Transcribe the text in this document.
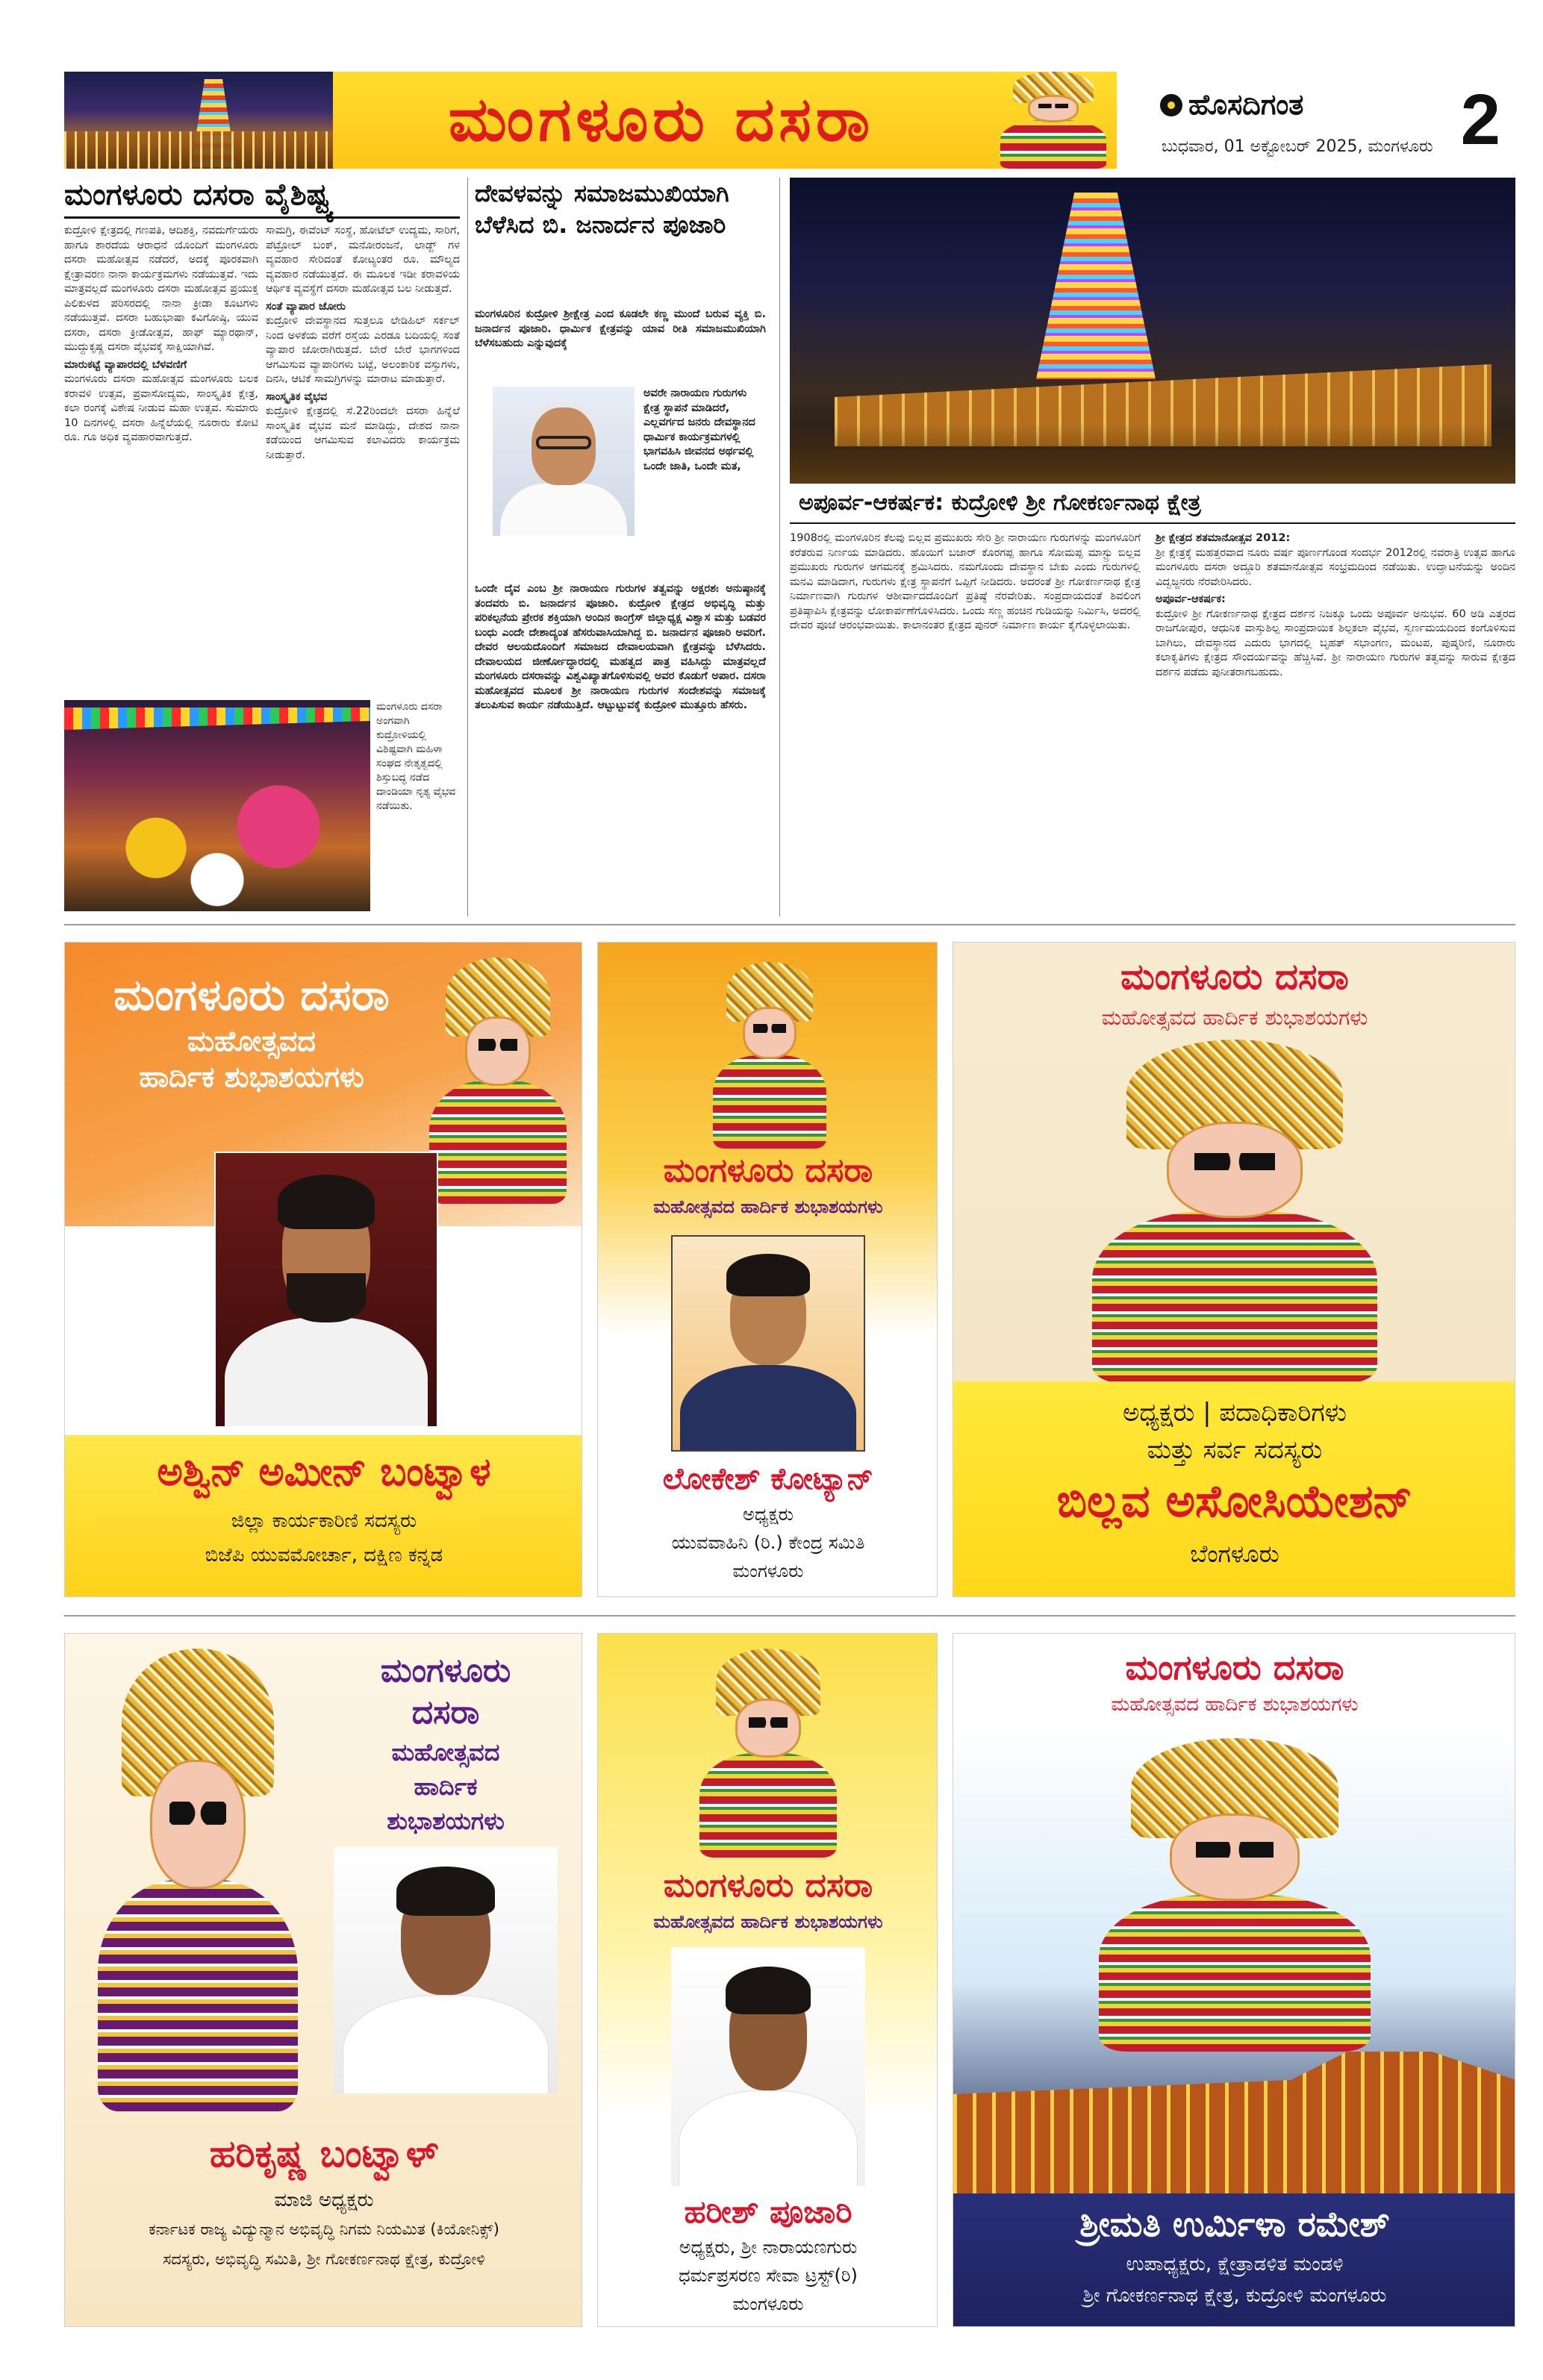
ಮಂಗಳೂರು ದಸರಾ	ಹೊಸದಿಗಂತ
ಬುಧವಾರ, 01 ಅಕ್ಟೋಬರ್ 2025, ಮಂಗಳೂರು 2
ಮಂಗಳೂರು ದಸರಾ ವೈಶಿಷ್ಟ್ಯ

ಕುದ್ರೋಳಿ ಕ್ಷೇತ್ರದಲ್ಲಿ ಗಣಪತಿ, ಆದಿಶಕ್ತಿ, ನವದುರ್ಗೆಯರು ಹಾಗೂ ಶಾರದೆಯ ಆರಾಧನೆ ಯೊಂದಿಗೆ ಮಂಗಳೂರು ದಸರಾ ಮಹೋತ್ಸವ ನಡೆದರೆ, ಅದಕ್ಕೆ ಪೂರಕವಾಗಿ ಕ್ಷೇತ್ರಾವರಣ ನಾನಾ ಕಾರ್ಯಕ್ರಮಗಳು ನಡೆಯುತ್ತವೆ. ಇದು ಮಾತ್ರವಲ್ಲದೆ ಮಂಗಳೂರು ದಸರಾ ಮಹೋತ್ಸವ ಪ್ರಯುಕ್ತ ಪಿಲಿಕುಳದ ಪರಿಸರದಲ್ಲಿ ನಾನಾ ಕ್ರೀಡಾ ಕೂಟಗಳು ನಡೆಯುತ್ತವೆ. ದಸರಾ ಬಹುಭಾಷಾ ಕವಿಗೋಷ್ಠಿ, ಯುವ ದಸರಾ, ದಸರಾ ಕ್ರೀಡೋತ್ಸವ, ಹಾಫ್ ಮ್ಯಾರಥಾನ್, ಮುದ್ದುಕೃಷ್ಣ ದಸರಾ ವೈಭವಕ್ಕೆ ಸಾಕ್ಷಿಯಾಗಿವೆ.

ಮಾರುಕಟ್ಟೆ ವ್ಯಾಪಾರದಲ್ಲಿ ಬೆಳವಣಿಗೆ

ಮಂಗಳೂರು ದಸರಾ ಮಹೋತ್ಸವ ಮಂಗಳೂರು ಬಲಕ ಕರಾವಳಿ ಉತ್ಸವ, ಪ್ರವಾಸೋದ್ಯಮ, ಸಾಂಸ್ಕೃತಿಕ ಕ್ಷೇತ್ರ, ಕಲಾ ರಂಗಕ್ಕೆ ವಿಶೇಷ ನೀಡುವ ಮಹಾ ಉತ್ಸವ. ಸುಮಾರು 10 ದಿನಗಳಲ್ಲಿ ದಸರಾ ಹಿನ್ನೆಲೆಯಲ್ಲಿ ನೂರಾರು ಕೋಟಿ ರೂ. ಗೂ ಅಧಿಕ ವ್ಯವಹಾರವಾಗುತ್ತದೆ.

ಸಾಮಗ್ರಿ, ಈವೆಂಟ್ ಸಂಸ್ಥೆ, ಹೋಟೆಲ್ ಉದ್ಯಮ, ಸಾರಿಗೆ, ಪೆಟ್ರೋಲ್ ಬಂಕ್, ಮನೋರಂಜನೆ, ಲಾಡ್ಜ್ ಗಳ ವ್ಯವಹಾರ ಸೇರಿದಂತೆ ಕೋಟ್ಯಂತರ ರೂ. ಮೌಲ್ಯದ ವ್ಯವಹಾರ ನಡೆಯುತ್ತದೆ. ಈ ಮೂಲಕ ಇಡೀ ಕರಾವಳಿಯ ಆರ್ಥಿಕ ವ್ಯವಸ್ಥೆಗೆ ದಸರಾ ಮಹೋತ್ಸವ ಬಲ ನೀಡುತ್ತದೆ.

ಸಂತೆ ವ್ಯಾಪಾರ ಜೋರು

ಕುದ್ರೋಳಿ ದೇವಸ್ಥಾನದ ಸುತ್ತಲೂ ಲೇಡಿಹಿಲ್ ಸರ್ಕಲ್ ನಿಂದ ಅಳಕೆಯ ವರೆಗೆ ರಸ್ತೆಯ ಎರಡೂ ಬದಿಯಲ್ಲಿ ಸಂತೆ ವ್ಯಾಪಾರ ಜೋರಾಗಿರುತ್ತದೆ. ಬೇರೆ ಬೇರೆ ಭಾಗಗಳಿಂದ ಆಗಮಿಸುವ ವ್ಯಾಪಾರಿಗಳು ಬಟ್ಟೆ, ಅಲಂಕಾರಿಕ ವಸ್ತುಗಳು, ದಿನಸಿ, ಆಟಿಕೆ ಸಾಮಗ್ರಿಗಳನ್ನು ಮಾರಾಟ ಮಾಡುತ್ತಾರೆ.

ಸಾಂಸ್ಕೃತಿಕ ವೈಭವ

ಕುದ್ರೋಳಿ ಕ್ಷೇತ್ರದಲ್ಲಿ ಸೆ.22ರಿಂದಲೇ ದಸರಾ ಹಿನ್ನೆಲೆ ಸಾಂಸ್ಕೃತಿಕ ವೈಭವ ಮನೆ ಮಾಡಿದ್ದು, ದೇಶದ ನಾನಾ ಕಡೆಯಿಂದ ಆಗಮಿಸುವ ಕಲಾವಿದರು ಕಾರ್ಯಕ್ರಮ ನೀಡುತ್ತಾರೆ.

ಮಂಗಳೂರು ದಸರಾ ಅಂಗವಾಗಿ ಕುದ್ರೋಳಿಯಲ್ಲಿ ವಿಶಿಷ್ಟವಾಗಿ ಮಹಿಳಾ ಸಂಘದ ನೇತೃತ್ವದಲ್ಲಿ ಶಿಸ್ತುಬದ್ಧ ನಡೆದ ದಾಂಡಿಯಾ ನೃತ್ಯ ವೈಭವ ನಡೆಯಿತು.
ದೇವಳವನ್ನು ಸಮಾಜಮುಖಿಯಾಗಿ ಬೆಳೆಸಿದ ಬಿ. ಜನಾರ್ದನ ಪೂಜಾರಿ
ಮಂಗಳೂರಿನ ಕುದ್ರೋಳಿ ಶ್ರೀಕ್ಷೇತ್ರ ಎಂದ ಕೂಡಲೇ ಕಣ್ಣ ಮುಂದೆ ಬರುವ ವ್ಯಕ್ತಿ ಬಿ. ಜನಾರ್ದನ ಪೂಜಾರಿ. ಧಾರ್ಮಿಕ ಕ್ಷೇತ್ರವನ್ನು ಯಾವ ರೀತಿ ಸಮಾಜಮುಖಿಯಾಗಿ ಬೆಳೆಸಬಹುದು ಎನ್ನುವುದಕ್ಕೆ
ಅವರೇ ನಾರಾಯಣ ಗುರುಗಳು ಕ್ಷೇತ್ರ ಸ್ಥಾಪನೆ ಮಾಡಿದರೆ, ಎಲ್ಲವರ್ಗದ ಜನರು ದೇವಸ್ಥಾನದ ಧಾರ್ಮಿಕ ಕಾರ್ಯಕ್ರಮಗಳಲ್ಲಿ ಭಾಗವಹಿಸಿ ಜೀವನದ ಅರ್ಥವಲ್ಲಿ ಒಂದೇ ಜಾತಿ, ಒಂದೇ ಮತ,
ಒಂದೇ ದೈವ ಎಂಬ ಶ್ರೀ ನಾರಾಯಣ ಗುರುಗಳ ತತ್ವವನ್ನು ಅಕ್ಷರಶಃ ಅನುಷ್ಠಾನಕ್ಕೆ ತಂದವರು ಬಿ. ಜನಾರ್ದನ ಪೂಜಾರಿ. ಕುದ್ರೋಳಿ ಕ್ಷೇತ್ರದ ಅಭಿವೃದ್ಧಿ ಮತ್ತು ಪರಿಕಲ್ಪನೆಯ ಪ್ರೇರಕ ಶಕ್ತಿಯಾಗಿ ಅಂದಿನ ಕಾಂಗ್ರೆಸ್ ಜಿಲ್ಲಾಧ್ಯಕ್ಷ ವಿಶ್ವಾಸ ಮತ್ತು ಬಡವರ ಬಂಧು ಎಂದೇ ದೇಶಾದ್ಯಂತ ಹೆಸರುವಾಸಿಯಾಗಿದ್ದ ಬಿ. ಜನಾರ್ದನ ಪೂಜಾರಿ ಅವರಿಗೆ. ದೇವರ ಆಲಯದೊಂದಿಗೆ ಸಮಾಜದ ದೇವಾಲಯವಾಗಿ ಕ್ಷೇತ್ರವನ್ನು ಬೆಳೆಸಿದರು. ದೇವಾಲಯದ ಜೀರ್ಣೋದ್ಧಾರದಲ್ಲಿ ಮಹತ್ವದ ಪಾತ್ರ ವಹಿಸಿದ್ದು ಮಾತ್ರವಲ್ಲದೆ ಮಂಗಳೂರು ದಸರಾವನ್ನು ವಿಶ್ವವಿಖ್ಯಾತಗೊಳಿಸುವಲ್ಲಿ ಅವರ ಕೊಡುಗೆ ಅಪಾರ. ದಸರಾ ಮಹೋತ್ಸವದ ಮೂಲಕ ಶ್ರೀ ನಾರಾಯಣ ಗುರುಗಳ ಸಂದೇಶವನ್ನು ಸಮಾಜಕ್ಕೆ ತಲುಪಿಸುವ ಕಾರ್ಯ ನಡೆಯುತ್ತಿದೆ. ಆಟ್ಟುಟ್ಟುವಕ್ಕೆ ಕುದ್ರೋಳಿ ಮುತ್ತೂರು ಹೆಸರು.
ಅಪೂರ್ವ-ಆಕರ್ಷಕ: ಕುದ್ರೋಳಿ ಶ್ರೀ ಗೋಕರ್ಣನಾಥ ಕ್ಷೇತ್ರ
1908ರಲ್ಲಿ ಮಂಗಳೂರಿನ ಕೆಲವು ಬಿಲ್ಲವ ಪ್ರಮುಖರು ಸೇರಿ ಶ್ರೀ ನಾರಾಯಣ ಗುರುಗಳನ್ನು ಮಂಗಳೂರಿಗೆ ಕರೆತರುವ ನಿರ್ಣಯ ಮಾಡಿದರು. ಹೊಯಿಗೆ ಬಜಾರ್ ಕೊರಗಪ್ಪ ಹಾಗೂ ಸೋಮಪ್ಪ ಮಾಸ್ಟ್ರು ಬಿಲ್ಲವ ಪ್ರಮುಖರು ಗುರುಗಳ ಆಗಮನಕ್ಕೆ ಶ್ರಮಿಸಿದರು. ನಮಗೊಂದು ದೇವಸ್ಥಾನ ಬೇಕು ಎಂದು ಗುರುಗಳಲ್ಲಿ ಮನವಿ ಮಾಡಿದಾಗ, ಗುರುಗಳು ಕ್ಷೇತ್ರ ಸ್ಥಾಪನೆಗೆ ಒಪ್ಪಿಗೆ ನೀಡಿದರು. ಅದರಂತೆ ಶ್ರೀ ಗೋಕರ್ಣನಾಥ ಕ್ಷೇತ್ರ ನಿರ್ಮಾಣವಾಗಿ ಗುರುಗಳ ಆಶೀರ್ವಾದದೊಂದಿಗೆ ಪ್ರತಿಷ್ಠೆ ನೆರವೇರಿತು. ಸಂಪ್ರದಾಯದಂತೆ ಶಿವಲಿಂಗ ಪ್ರತಿಷ್ಠಾಪಿಸಿ ಕ್ಷೇತ್ರವನ್ನು ಲೋಕಾರ್ಪಣೆಗೊಳಿಸಿದರು. ಒಂದು ಸಣ್ಣ ಹಂಚಿನ ಗುಡಿಯನ್ನು ನಿರ್ಮಿಸಿ, ಅದರಲ್ಲಿ ದೇವರ ಪೂಜೆ ಆರಂಭವಾಯಿತು. ಕಾಲಾನಂತರ ಕ್ಷೇತ್ರದ ಪುನರ್ ನಿರ್ಮಾಣ ಕಾರ್ಯ ಕೈಗೊಳ್ಳಲಾಯಿತು.

ಶ್ರೀ ಕ್ಷೇತ್ರದ ಶತಮಾನೋತ್ಸವ 2012:

ಶ್ರೀ ಕ್ಷೇತ್ರಕ್ಕೆ ಮಹತ್ತರವಾದ ನೂರು ವರ್ಷ ಪೂರ್ಣಗೊಂಡ ಸಂದರ್ಭ 2012ರಲ್ಲಿ ನವರಾತ್ರಿ ಉತ್ಸವ ಹಾಗೂ ಮಂಗಳೂರು ದಸರಾ ಅದ್ದೂರಿ ಶತಮಾನೋತ್ಸವ ಸಂಭ್ರಮದಿಂದ ನಡೆಯಿತು. ಉದ್ಘಾಟನೆಯನ್ನು ಅಂದಿನ ವಿದ್ವಜ್ಜನರು ನೆರವೇರಿಸಿದರು.

ಅಪೂರ್ವ-ಆಕರ್ಷಕ:

ಕುದ್ರೋಳಿ ಶ್ರೀ ಗೋಕರ್ಣನಾಥ ಕ್ಷೇತ್ರದ ದರ್ಶನ ನಿಜಕ್ಕೂ ಒಂದು ಅಪೂರ್ವ ಅನುಭವ. 60 ಅಡಿ ಎತ್ತರದ ರಾಜಗೋಪುರ, ಆಧುನಿಕ ವಾಸ್ತುಶಿಲ್ಪ ಸಾಂಪ್ರದಾಯಿಕ ಶಿಲ್ಪಕಲಾ ವೈಭವ, ಸ್ವರ್ಣಮಯದಿಂದ ಕಂಗೊಳಿಸುವ ಬಾಗಿಲು, ದೇವಸ್ಥಾನದ ಎದುರು ಭಾಗದಲ್ಲಿ ಬೃಹತ್ ಸಭಾಂಗಣ, ಮಂಟಪ, ಪುಷ್ಕರಿಣಿ, ನೂರಾರು ಕಲಾಕೃತಿಗಳು ಕ್ಷೇತ್ರದ ಸೌಂದರ್ಯವನ್ನು ಹೆಚ್ಚಿಸಿವೆ. ಶ್ರೀ ನಾರಾಯಣ ಗುರುಗಳ ತತ್ವವನ್ನು ಸಾರುವ ಕ್ಷೇತ್ರದ ದರ್ಶನ ಪಡೆದು ಪುನೀತರಾಗಬಹುದು.

ಮಂಗಳೂರು ದಸರಾ
ಮಹೋತ್ಸವದ
ಹಾರ್ದಿಕ ಶುಭಾಶಯಗಳು
ಅಶ್ವಿನ್ ಅಮೀನ್ ಬಂಟ್ವಾಳ
ಜಿಲ್ಲಾ ಕಾರ್ಯಕಾರಿಣಿ ಸದಸ್ಯರು
ಬಿಜೆಪಿ ಯುವಮೋರ್ಚಾ, ದಕ್ಷಿಣ ಕನ್ನಡ
ಮಂಗಳೂರು ದಸರಾ
ಮಹೋತ್ಸವದ ಹಾರ್ದಿಕ ಶುಭಾಶಯಗಳು
ಲೋಕೇಶ್ ಕೋಟ್ಯಾನ್
ಅಧ್ಯಕ್ಷರು
ಯುವವಾಹಿನಿ (ರಿ.) ಕೇಂದ್ರ ಸಮಿತಿ
ಮಂಗಳೂರು
ಮಂಗಳೂರು ದಸರಾ
ಮಹೋತ್ಸವದ ಹಾರ್ದಿಕ ಶುಭಾಶಯಗಳು
ಅಧ್ಯಕ್ಷರು | ಪದಾಧಿಕಾರಿಗಳು
ಮತ್ತು ಸರ್ವ ಸದಸ್ಯರು
ಬಿಲ್ಲವ ಅಸೋಸಿಯೇಶನ್
ಬೆಂಗಳೂರು
ಮಂಗಳೂರು
ದಸರಾ
ಮಹೋತ್ಸವದ
ಹಾರ್ದಿಕ
ಶುಭಾಶಯಗಳು
ಹರಿಕೃಷ್ಣ ಬಂಟ್ವಾಳ್
ಮಾಜಿ ಅಧ್ಯಕ್ಷರು
ಕರ್ನಾಟಕ ರಾಜ್ಯ ವಿದ್ಯುನ್ಮಾನ ಅಭಿವೃದ್ಧಿ ನಿಗಮ ನಿಯಮಿತ (ಕಿಯೋನಿಕ್ಸ್)
ಸದಸ್ಯರು, ಅಭಿವೃದ್ಧಿ ಸಮಿತಿ, ಶ್ರೀ ಗೋಕರ್ಣನಾಥ ಕ್ಷೇತ್ರ, ಕುದ್ರೋಳಿ
ಮಂಗಳೂರು ದಸರಾ
ಮಹೋತ್ಸವದ ಹಾರ್ದಿಕ ಶುಭಾಶಯಗಳು
ಹರೀಶ್ ಪೂಜಾರಿ
ಅಧ್ಯಕ್ಷರು, ಶ್ರೀ ನಾರಾಯಣಗುರು
ಧರ್ಮಪ್ರಸರಣ ಸೇವಾ ಟ್ರಸ್ಟ್(ರಿ)
ಮಂಗಳೂರು
ಮಂಗಳೂರು ದಸರಾ
ಮಹೋತ್ಸವದ ಹಾರ್ದಿಕ ಶುಭಾಶಯಗಳು
ಶ್ರೀಮತಿ ಉರ್ಮಿಳಾ ರಮೇಶ್
ಉಪಾಧ್ಯಕ್ಷರು, ಕ್ಷೇತ್ರಾಡಳಿತ ಮಂಡಳಿ
ಶ್ರೀ ಗೋಕರ್ಣನಾಥ ಕ್ಷೇತ್ರ, ಕುದ್ರೋಳಿ ಮಂಗಳೂರು
